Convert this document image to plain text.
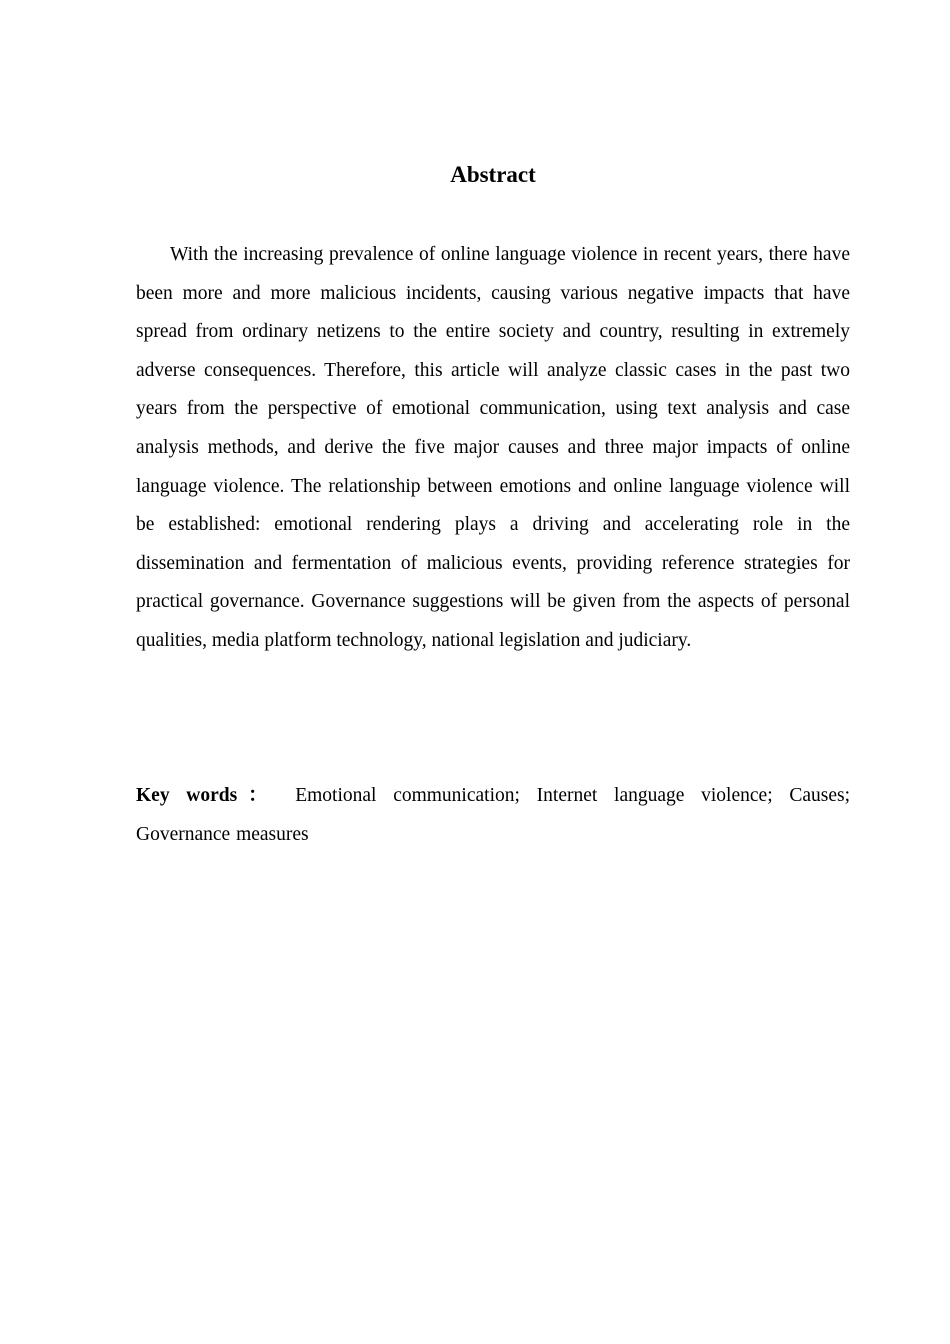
Abstract

With the increasing prevalence of online language violence in recent years, there have been more and more malicious incidents, causing various negative impacts that have spread from ordinary netizens to the entire society and country, resulting in extremely adverse consequences. Therefore, this article will analyze classic cases in the past two years from the perspective of emotional communication, using text analysis and case analysis methods, and derive the five major causes and three major impacts of online language violence. The relationship between emotions and online language violence will be established: emotional rendering plays a driving and accelerating role in the dissemination and fermentation of malicious events, providing reference strategies for practical governance. Governance suggestions will be given from the aspects of personal qualities, media platform technology, national legislation and judiciary.

Key words： Emotional communication; Internet language violence; Causes; Governance measures
